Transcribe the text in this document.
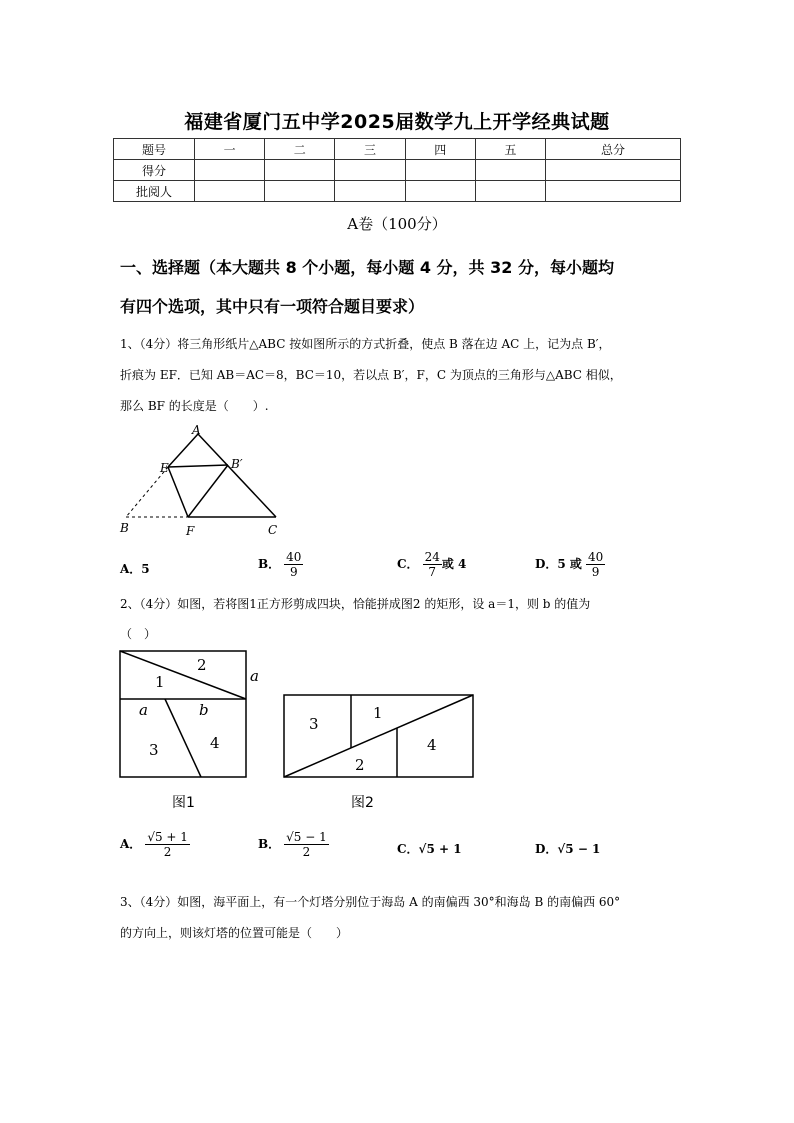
福建省厦门五中学2025届数学九上开学经典试题
题号	一	二	三	四	五	总分
得分						
批阅人						
A卷（100分）
一、选择题（本大题共 8 个小题，每小题 4 分，共 32 分，每小题均
有四个选项，其中只有一项符合题目要求）
1、（4分）将三角形纸片△ABC 按如图所示的方式折叠，使点 B 落在边 AC 上，记为点 B′，
折痕为 EF．已知 AB＝AC＝8，BC＝10，若以点 B′，F，C 为顶点的三角形与△ABC 相似，
那么 BF 的长度是（　　）.
A
E	B′
B	F	C
A．5	B． $\frac{40}{9}$	C． $\frac{24}{7}$ 或 4	D．5 或 $\frac{40}{9}$
2、（4分）如图，若将图1正方形剪成四块，恰能拼成图2 的矩形，设 a＝1，则 b 的值为
（　）
1
2
a
a	b
3	4
3
1
4
2
图1	图2
A． $\frac{√5 + 1}{2}$	B． $\frac{√5 - 1}{2}$	C．√5 + 1	D．√5 − 1
3、（4分）如图，海平面上，有一个灯塔分别位于海岛 A 的南偏西 30°和海岛 B 的南偏西 60°
的方向上，则该灯塔的位置可能是（　　）
